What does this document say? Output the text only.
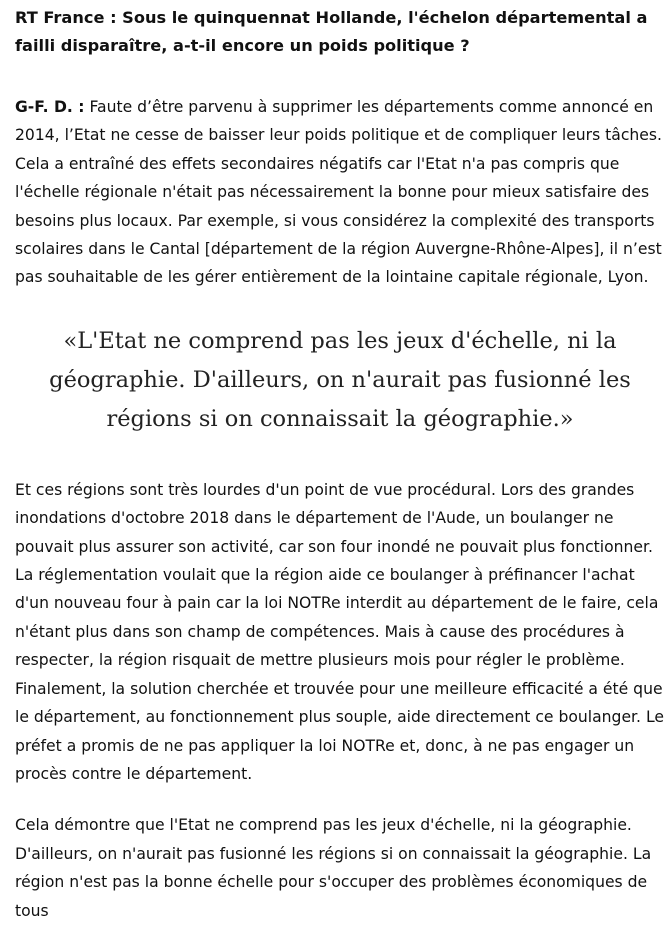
RT France : Sous le quinquennat Hollande, l'échelon départemental a failli disparaître, a-t-il encore un poids politique ?

G-F. D. : Faute d’être parvenu à supprimer les départements comme annoncé en 2014, l’Etat ne cesse de baisser leur poids politique et de compliquer leurs tâches. Cela a entraîné des effets secondaires négatifs car l'Etat n'a pas compris que l'échelle régionale n'était pas nécessairement la bonne pour mieux satisfaire des besoins plus locaux. Par exemple, si vous considérez la complexité des transports scolaires dans le Cantal [département de la région Auvergne-Rhône-Alpes], il n’est pas souhaitable de les gérer entièrement de la lointaine capitale régionale, Lyon.

«L'Etat ne comprend pas les jeux d'échelle, ni la géographie. D'ailleurs, on n'aurait pas fusionné les régions si on connaissait la géographie.»

Et ces régions sont très lourdes d'un point de vue procédural. Lors des grandes inondations d'octobre 2018 dans le département de l'Aude, un boulanger ne pouvait plus assurer son activité, car son four inondé ne pouvait plus fonctionner. La réglementation voulait que la région aide ce boulanger à préfinancer l'achat d'un nouveau four à pain car la loi NOTRe interdit au département de le faire, cela n'étant plus dans son champ de compétences. Mais à cause des procédures à respecter, la région risquait de mettre plusieurs mois pour régler le problème. Finalement, la solution cherchée et trouvée pour une meilleure efficacité a été que le département, au fonctionnement plus souple, aide directement ce boulanger. Le préfet a promis de ne pas appliquer la loi NOTRe et, donc, à ne pas engager un procès contre le département.

Cela démontre que l'Etat ne comprend pas les jeux d'échelle, ni la géographie. D'ailleurs, on n'aurait pas fusionné les régions si on connaissait la géographie. La région n'est pas la bonne échelle pour s'occuper des problèmes économiques de tous
